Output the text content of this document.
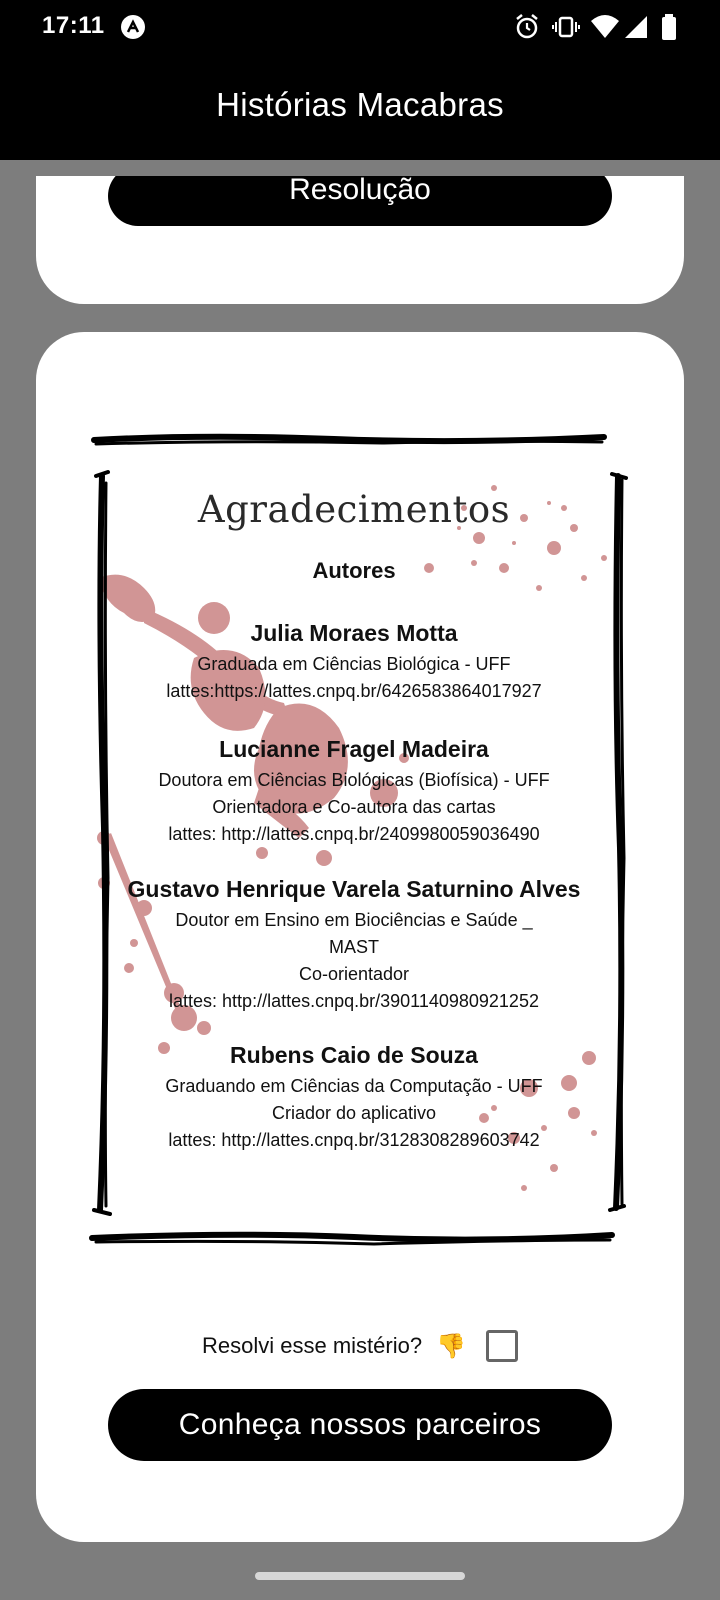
17:11
Histórias Macabras
Resolução
Agradecimentos
Autores
Julia Moraes Motta
Graduada em Ciências Biológica - UFF
lattes:https://lattes.cnpq.br/6426583864017927
Lucianne Fragel Madeira
Doutora em Ciências Biológicas (Biofísica) - UFF
Orientadora e Co-autora das cartas
lattes: http://lattes.cnpq.br/2409980059036490
Gustavo Henrique Varela Saturnino Alves
Doutor em Ensino em Biociências e Saúde _
MAST
Co-orientador
lattes: http://lattes.cnpq.br/3901140980921252
Rubens Caio de Souza
Graduando em Ciências da Computação - UFF
Criador do aplicativo
lattes: http://lattes.cnpq.br/3128308289603742
Resolvi esse mistério? 👎
Conheça nossos parceiros
